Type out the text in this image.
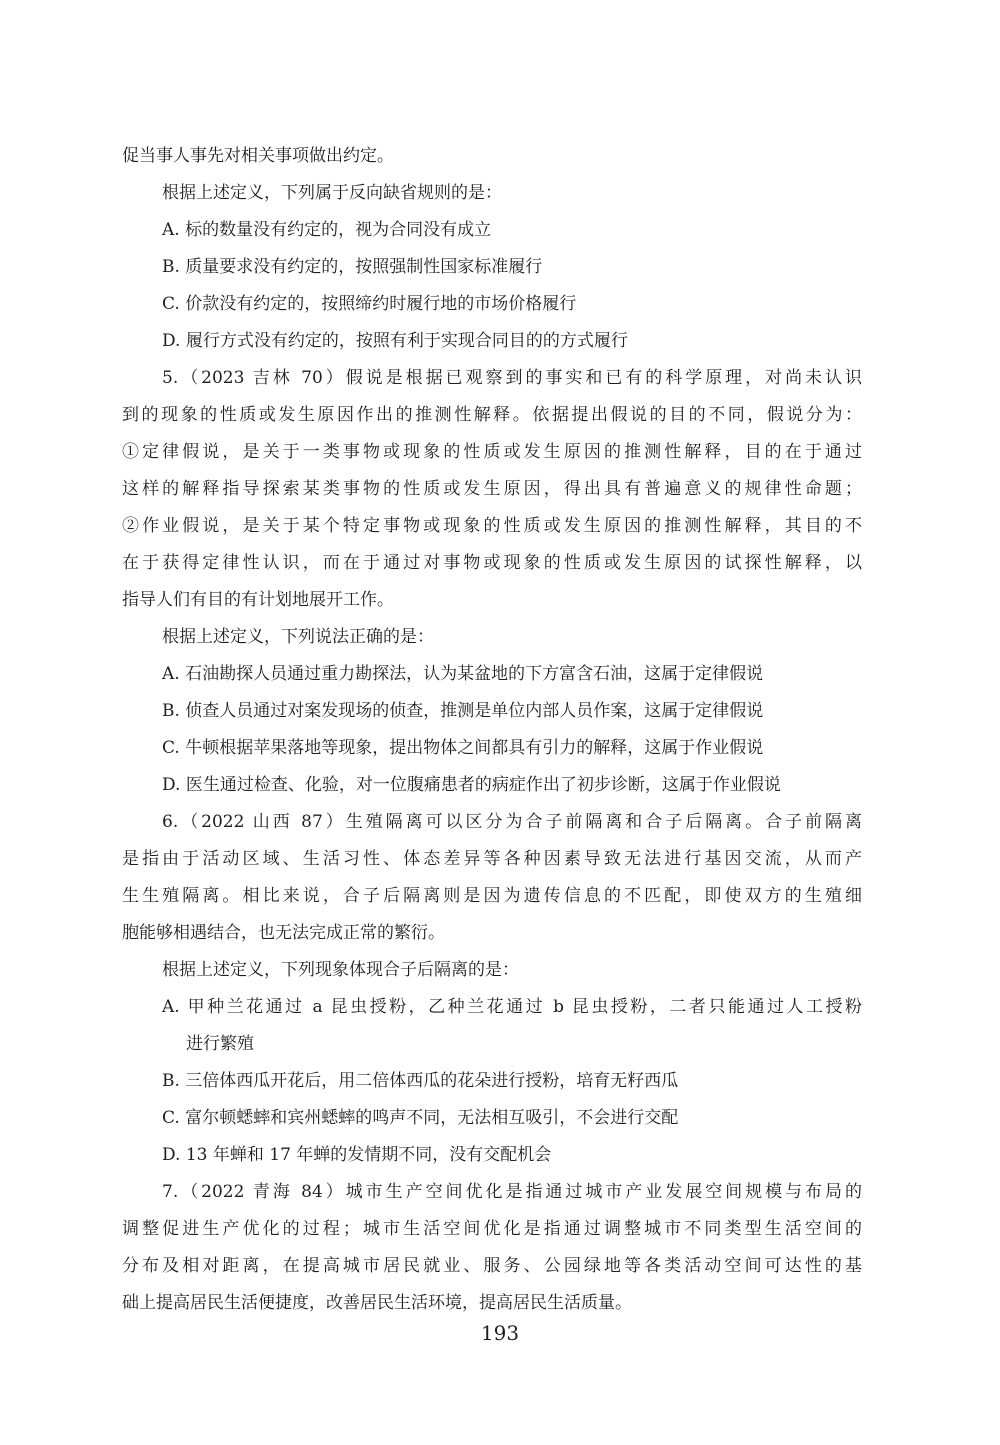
促当事人事先对相关事项做出约定。
根据上述定义，下列属于反向缺省规则的是：
A. 标的数量没有约定的，视为合同没有成立
B. 质量要求没有约定的，按照强制性国家标准履行
C. 价款没有约定的，按照缔约时履行地的市场价格履行
D. 履行方式没有约定的，按照有利于实现合同目的的方式履行
5.（2023 吉林 70）假说是根据已观察到的事实和已有的科学原理，对尚未认识
到的现象的性质或发生原因作出的推测性解释。依据提出假说的目的不同，假说分为：
①定律假说，是关于一类事物或现象的性质或发生原因的推测性解释，目的在于通过
这样的解释指导探索某类事物的性质或发生原因，得出具有普遍意义的规律性命题；
②作业假说，是关于某个特定事物或现象的性质或发生原因的推测性解释，其目的不
在于获得定律性认识，而在于通过对事物或现象的性质或发生原因的试探性解释，以
指导人们有目的有计划地展开工作。
根据上述定义，下列说法正确的是：
A. 石油勘探人员通过重力勘探法，认为某盆地的下方富含石油，这属于定律假说
B. 侦查人员通过对案发现场的侦查，推测是单位内部人员作案，这属于定律假说
C. 牛顿根据苹果落地等现象，提出物体之间都具有引力的解释，这属于作业假说
D. 医生通过检查、化验，对一位腹痛患者的病症作出了初步诊断，这属于作业假说
6.（2022 山西 87）生殖隔离可以区分为合子前隔离和合子后隔离。合子前隔离
是指由于活动区域、生活习性、体态差异等各种因素导致无法进行基因交流，从而产
生生殖隔离。相比来说，合子后隔离则是因为遗传信息的不匹配，即使双方的生殖细
胞能够相遇结合，也无法完成正常的繁衍。
根据上述定义，下列现象体现合子后隔离的是：
A. 甲种兰花通过 a 昆虫授粉，乙种兰花通过 b 昆虫授粉，二者只能通过人工授粉
进行繁殖
B. 三倍体西瓜开花后，用二倍体西瓜的花朵进行授粉，培育无籽西瓜
C. 富尔顿蟋蟀和宾州蟋蟀的鸣声不同，无法相互吸引，不会进行交配
D. 13 年蝉和 17 年蝉的发情期不同，没有交配机会
7.（2022 青海 84）城市生产空间优化是指通过城市产业发展空间规模与布局的
调整促进生产优化的过程；城市生活空间优化是指通过调整城市不同类型生活空间的
分布及相对距离，在提高城市居民就业、服务、公园绿地等各类活动空间可达性的基
础上提高居民生活便捷度，改善居民生活环境，提高居民生活质量。
193
